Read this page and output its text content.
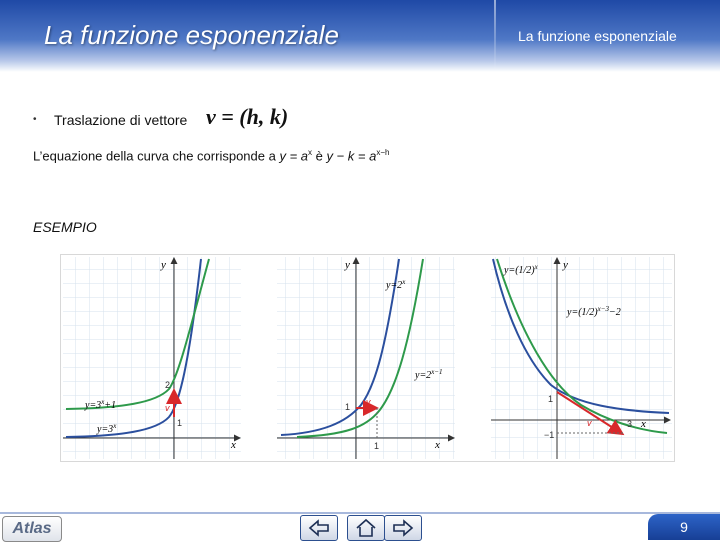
La funzione esponenziale	La funzione esponenziale
• Traslazione di vettore v = (h, k)
L’equazione della curva che corrisponde a $y = a^x$ è $y - k = a^{x-h}$
ESEMPIO
y
x
2
1
v
$y=3^x+1$
$y=3^x$
y
x
1
1
v
$y=2^x$
$y=2^{x-1}$
y
x
1
−1
3
v
$y=(1/2)^x$
$y=(1/2)^{x-3}-2$
Atlas	9
